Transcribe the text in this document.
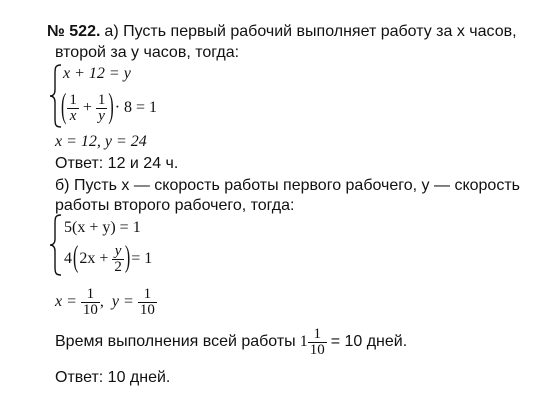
№ 522. а) Пусть первый рабочий выполняет работу за x часов,
второй за y часов, тогда:
x + 12 = y
( $\frac{1}{x} + \frac{1}{y}$ )· 8 = 1
x = 12, y = 24
Ответ: 12 и 24 ч.
б) Пусть x — скорость работы первого рабочего, y — скорость
работы второго рабочего, тогда:
5(x + y) = 1
$4(2x + \frac{y}{2}$ )= 1
$x = \frac{1}{10}$ ,  $y = \frac{1}{10}$
Время выполнения всей работы $1 \frac{1}{10} = 10$ дней.
Ответ: 10 дней.
